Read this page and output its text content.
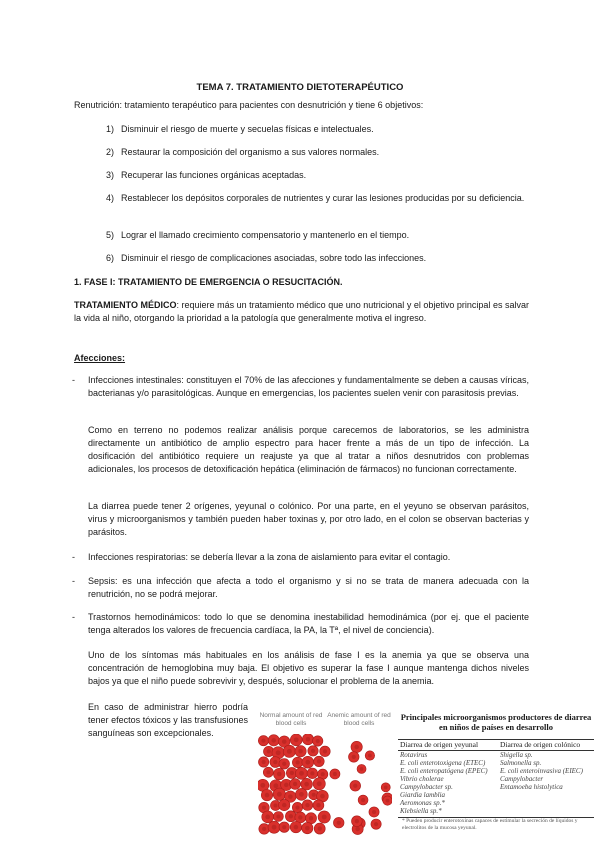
TEMA 7. TRATAMIENTO DIETOTERAPÉUTICO
Renutrición: tratamiento terapéutico para pacientes con desnutrición y tiene 6 objetivos:
1) Disminuir el riesgo de muerte y secuelas físicas e intelectuales.
2) Restaurar la composición del organismo a sus valores normales.
3) Recuperar las funciones orgánicas aceptadas.
4) Restablecer los depósitos corporales de nutrientes y curar las lesiones producidas por su deficiencia.
5) Lograr el llamado crecimiento compensatorio y mantenerlo en el tiempo.
6) Disminuir el riesgo de complicaciones asociadas, sobre todo las infecciones.
1. FASE I: TRATAMIENTO DE EMERGENCIA O RESUCITACIÓN.
TRATAMIENTO MÉDICO: requiere más un tratamiento médico que uno nutricional y el objetivo principal es salvar la vida al niño, otorgando la prioridad a la patología que generalmente motiva el ingreso.
Afecciones:
- Infecciones intestinales: constituyen el 70% de las afecciones y fundamentalmente se deben a causas víricas, bacterianas y/o parasitológicas. Aunque en emergencias, los pacientes suelen venir con parasitosis previas.
Como en terreno no podemos realizar análisis porque carecemos de laboratorios, se les administra directamente un antibiótico de amplio espectro para hacer frente a más de un tipo de infección. La dosificación del antibiótico requiere un reajuste ya que al tratar a niños desnutridos con problemas adicionales, los procesos de detoxificación hepática (eliminación de fármacos) no funcionan correctamente.
La diarrea puede tener 2 orígenes, yeyunal o colónico. Por una parte, en el yeyuno se observan parásitos, virus y microorganismos y también pueden haber toxinas y, por otro lado, en el colon se observan bacterias y parásitos.
- Infecciones respiratorias: se debería llevar a la zona de aislamiento para evitar el contagio.
- Sepsis: es una infección que afecta a todo el organismo y si no se trata de manera adecuada con la renutrición, no se podrá mejorar.
- Trastornos hemodinámicos: todo lo que se denomina inestabilidad hemodinámica (por ej. que el paciente tenga alterados los valores de frecuencia cardíaca, la PA, la Tª, el nivel de conciencia).
Uno de los síntomas más habituales en los análisis de fase I es la anemia ya que se observa una concentración de hemoglobina muy baja. El objetivo es superar la fase I aunque mantenga dichos niveles bajos ya que el niño puede sobrevivir y, después, solucionar el problema de la anemia.
En caso de administrar hierro podría tener efectos tóxicos y las transfusiones sanguíneas son excepcionales.
Normal amount of red blood cells
Anemic amount of red blood cells
Principales microorganismos productores de diarrea en niños de países en desarrollo
Diarrea de origen yeyunal	Diarrea de origen colónico
Rotavirus	Shigella sp.
E. coli enterotoxigena (ETEC)	Salmonella sp.
E. coli enteropatógena (EPEC)	E. coli enteroinvasiva (EIEC)
Vibrio cholerae	Campylobacter
Campylobacter sp.	Entamoeba histolytica
Giardia lamblia
Aeromonas sp.*
Klebsiella sp.*
* Pueden producir enterotoxinas capaces de estimular la secreción de líquidos y electrolitos de la mucosa yeyunal.
